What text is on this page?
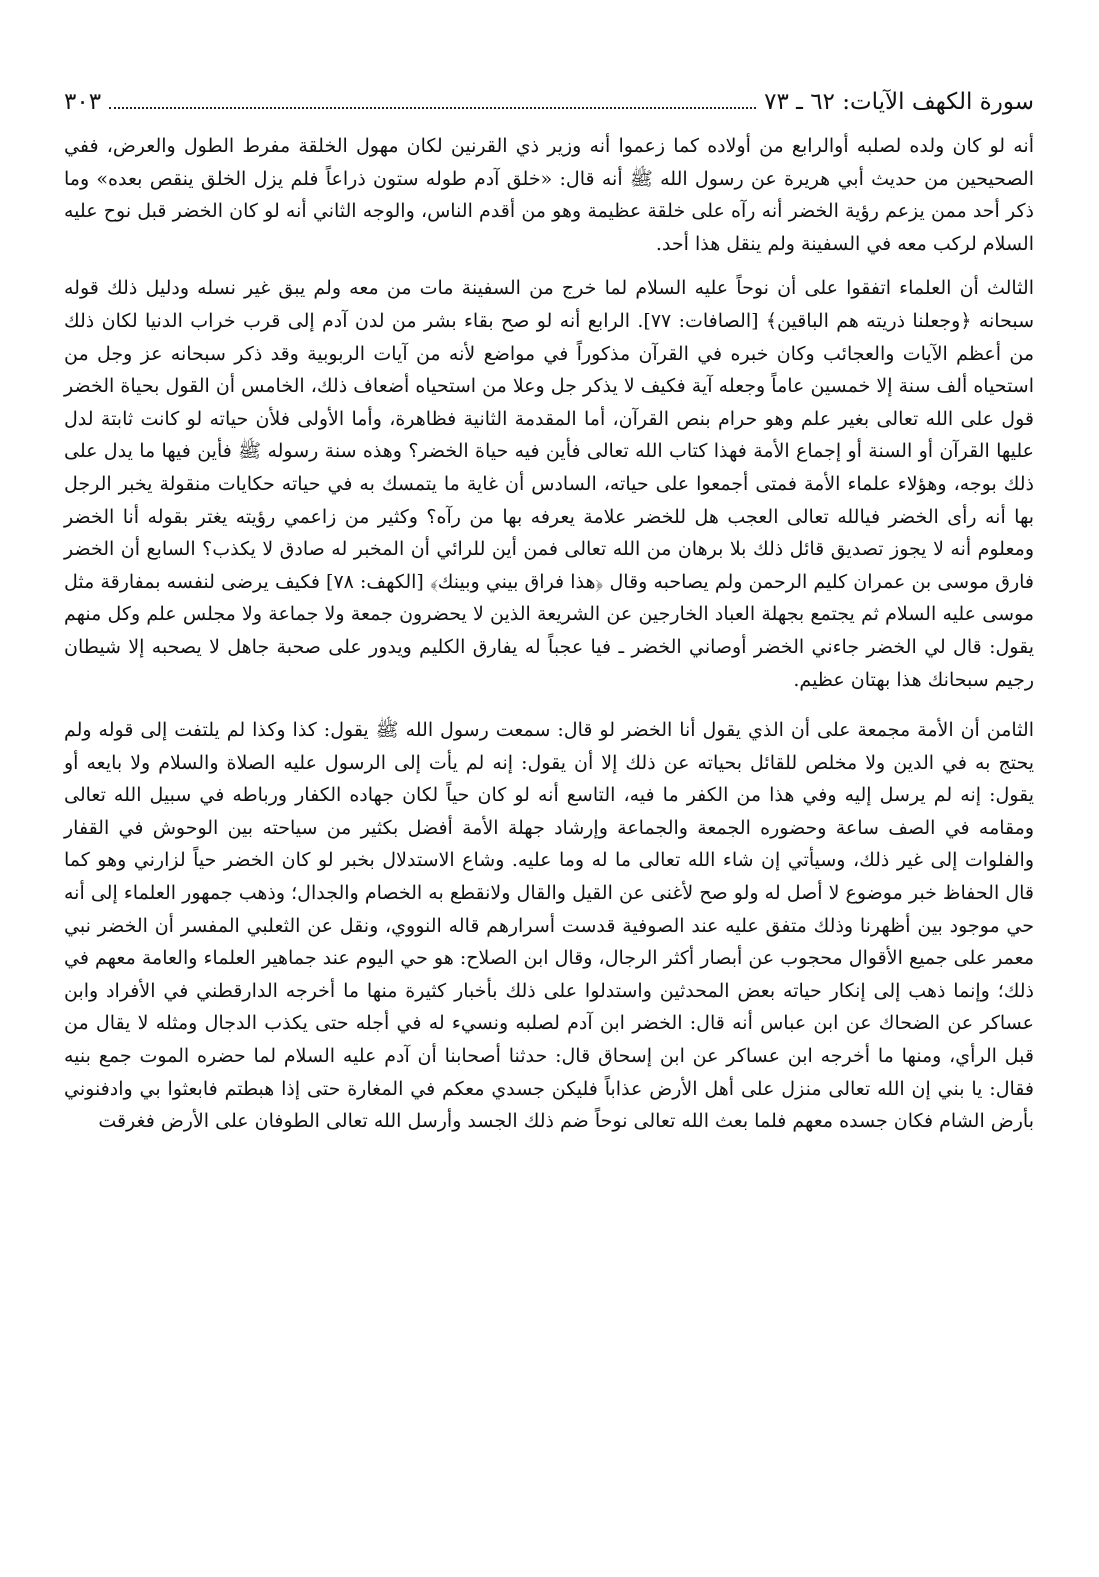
سورة الكهف الآيات: ٦٢ ـ ٧٣
٣٠٣

أنه لو كان ولده لصلبه أوالرابع من أولاده كما زعموا أنه وزير ذي القرنين لكان مهول الخلقة مفرط الطول والعرض، ففي الصحيحين من حديث أبي هريرة عن رسول الله ﷺ أنه قال: «خلق آدم طوله ستون ذراعاً فلم يزل الخلق ينقص بعده» وما ذكر أحد ممن يزعم رؤية الخضر أنه رآه على خلقة عظيمة وهو من أقدم الناس، والوجه الثاني أنه لو كان الخضر قبل نوح عليه السلام لركب معه في السفينة ولم ينقل هذا أحد.

الثالث أن العلماء اتفقوا على أن نوحاً عليه السلام لما خرج من السفينة مات من معه ولم يبق غير نسله ودليل ذلك قوله سبحانه ﴿وجعلنا ذريته هم الباقين﴾ [الصافات: ٧٧]. الرابع أنه لو صح بقاء بشر من لدن آدم إلى قرب خراب الدنيا لكان ذلك من أعظم الآيات والعجائب وكان خبره في القرآن مذكوراً في مواضع لأنه من آيات الربوبية وقد ذكر سبحانه عز وجل من استحياه ألف سنة إلا خمسين عاماً وجعله آية فكيف لا يذكر جل وعلا من استحياه أضعاف ذلك، الخامس أن القول بحياة الخضر قول على الله تعالى بغير علم وهو حرام بنص القرآن، أما المقدمة الثانية فظاهرة، وأما الأولى فلأن حياته لو كانت ثابتة لدل عليها القرآن أو السنة أو إجماع الأمة فهذا كتاب الله تعالى فأين فيه حياة الخضر؟ وهذه سنة رسوله ﷺ فأين فيها ما يدل على ذلك بوجه، وهؤلاء علماء الأمة فمتى أجمعوا على حياته، السادس أن غاية ما يتمسك به في حياته حكايات منقولة يخبر الرجل بها أنه رأى الخضر فيالله تعالى العجب هل للخضر علامة يعرفه بها من رآه؟ وكثير من زاعمي رؤيته يغتر بقوله أنا الخضر ومعلوم أنه لا يجوز تصديق قائل ذلك بلا برهان من الله تعالى فمن أين للرائي أن المخبر له صادق لا يكذب؟ السابع أن الخضر فارق موسى بن عمران كليم الرحمن ولم يصاحبه وقال ﴿هذا فراق بيني وبينك﴾ [الكهف: ٧٨] فكيف يرضى لنفسه بمفارقة مثل موسى عليه السلام ثم يجتمع بجهلة العباد الخارجين عن الشريعة الذين لا يحضرون جمعة ولا جماعة ولا مجلس علم وكل منهم يقول: قال لي الخضر جاءني الخضر أوصاني الخضر ـ فيا عجباً له يفارق الكليم ويدور على صحبة جاهل لا يصحبه إلا شيطان رجيم سبحانك هذا بهتان عظيم.

الثامن أن الأمة مجمعة على أن الذي يقول أنا الخضر لو قال: سمعت رسول الله ﷺ يقول: كذا وكذا لم يلتفت إلى قوله ولم يحتج به في الدين ولا مخلص للقائل بحياته عن ذلك إلا أن يقول: إنه لم يأت إلى الرسول عليه الصلاة والسلام ولا بايعه أو يقول: إنه لم يرسل إليه وفي هذا من الكفر ما فيه، التاسع أنه لو كان حياً لكان جهاده الكفار ورباطه في سبيل الله تعالى ومقامه في الصف ساعة وحضوره الجمعة والجماعة وإرشاد جهلة الأمة أفضل بكثير من سياحته بين الوحوش في القفار والفلوات إلى غير ذلك، وسيأتي إن شاء الله تعالى ما له وما عليه. وشاع الاستدلال بخبر لو كان الخضر حياً لزارني وهو كما قال الحفاظ خبر موضوع لا أصل له ولو صح لأغنى عن القيل والقال ولانقطع به الخصام والجدال؛ وذهب جمهور العلماء إلى أنه حي موجود بين أظهرنا وذلك متفق عليه عند الصوفية قدست أسرارهم قاله النووي، ونقل عن الثعلبي المفسر أن الخضر نبي معمر على جميع الأقوال محجوب عن أبصار أكثر الرجال، وقال ابن الصلاح: هو حي اليوم عند جماهير العلماء والعامة معهم في ذلك؛ وإنما ذهب إلى إنكار حياته بعض المحدثين واستدلوا على ذلك بأخبار كثيرة منها ما أخرجه الدارقطني في الأفراد وابن عساكر عن الضحاك عن ابن عباس أنه قال: الخضر ابن آدم لصلبه ونسيء له في أجله حتى يكذب الدجال ومثله لا يقال من قبل الرأي، ومنها ما أخرجه ابن عساكر عن ابن إسحاق قال: حدثنا أصحابنا أن آدم عليه السلام لما حضره الموت جمع بنيه فقال: يا بني إن الله تعالى منزل على أهل الأرض عذاباً فليكن جسدي معكم في المغارة حتى إذا هبطتم فابعثوا بي وادفنوني بأرض الشام فكان جسده معهم فلما بعث الله تعالى نوحاً ضم ذلك الجسد وأرسل الله تعالى الطوفان على الأرض فغرقت
